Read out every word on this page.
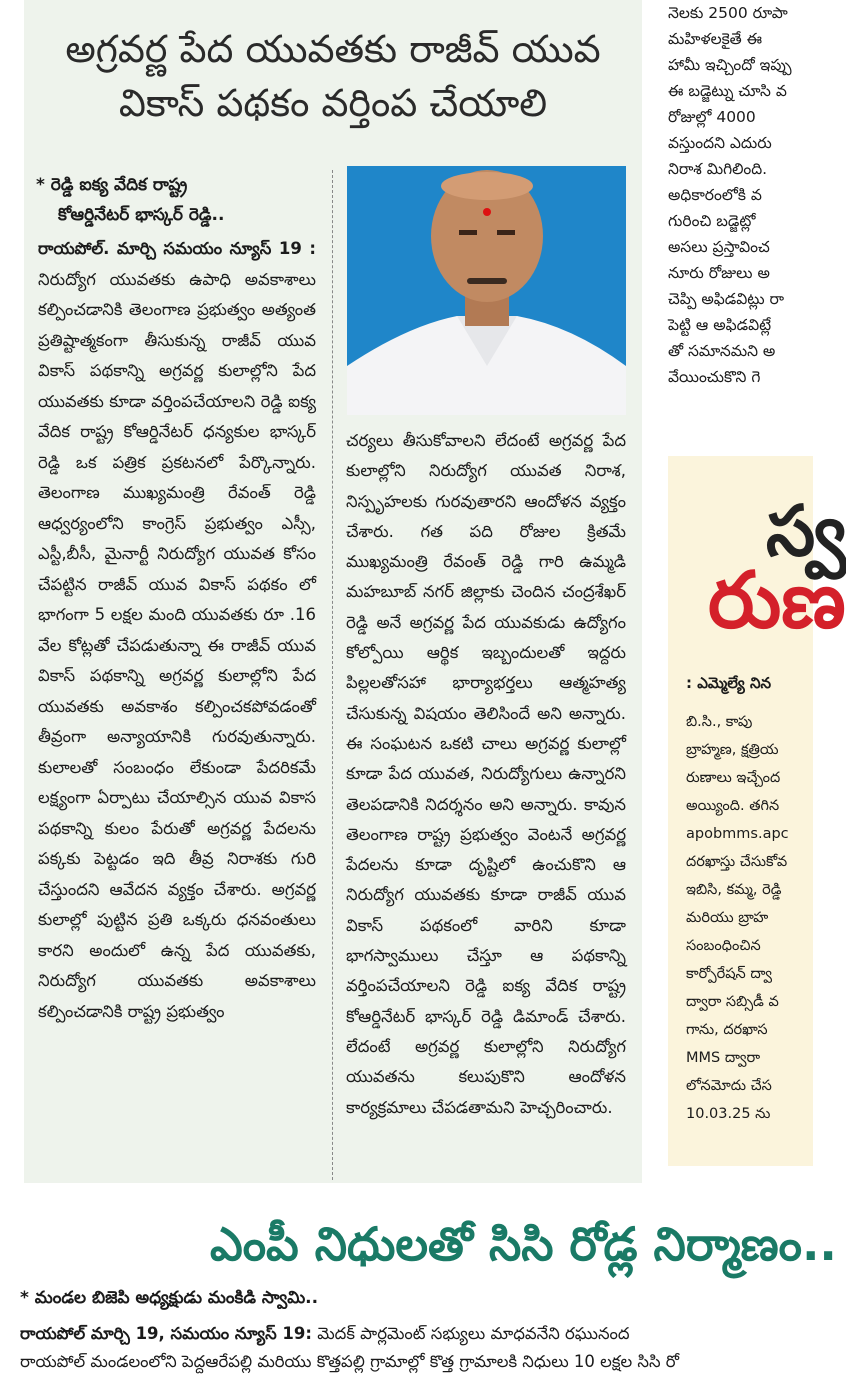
అగ్రవర్ణ పేద యువతకు రాజీవ్ యువ
వికాస్ పథకం వర్తింప చేయాలి
* రెడ్డి ఐక్య వేదిక రాష్ట్ర
కోఆర్డినేటర్ భాస్కర్ రెడ్డి..

రాయపోల్. మార్చి సమయం న్యూస్ 19 : నిరుద్యోగ యువతకు ఉపాధి అవకాశాలు కల్పించడానికి తెలంగాణ ప్రభుత్వం అత్యంత ప్రతిష్టాత్మకంగా తీసుకున్న రాజీవ్ యువ వికాస్ పథకాన్ని అగ్రవర్ణ కులాల్లోని పేద యువతకు కూడా వర్తింపచేయాలని రెడ్డి ఐక్య వేదిక రాష్ట్ర కోఆర్డినేటర్ ధన్యకుల భాస్కర్ రెడ్డి ఒక పత్రిక ప్రకటనలో పేర్కొన్నారు. తెలంగాణ ముఖ్యమంత్రి రేవంత్ రెడ్డి ఆధ్వర్యంలోని కాంగ్రెస్ ప్రభుత్వం ఎస్సీ, ఎస్టీ,బీసీ, మైనార్టీ నిరుద్యోగ యువత కోసం చేపట్టిన రాజీవ్ యువ వికాస్ పథకం లో భాగంగా 5 లక్షల మంది యువతకు రూ .16 వేల కోట్లతో చేపడుతున్నా ఈ రాజీవ్ యువ వికాస్ పథకాన్ని అగ్రవర్ణ కులాల్లోని పేద యువతకు అవకాశం కల్పించకపోవడంతో తీవ్రంగా అన్యాయానికి గురవుతున్నారు. కులాలతో సంబంధం లేకుండా పేదరికమే లక్ష్యంగా ఏర్పాటు చేయాల్సిన యువ వికాస పథకాన్ని కులం పేరుతో అగ్రవర్ణ పేదలను పక్కకు పెట్టడం ఇది తీవ్ర నిరాశకు గురి చేస్తుందని ఆవేదన వ్యక్తం చేశారు. అగ్రవర్ణ కులాల్లో పుట్టిన ప్రతి ఒక్కరు ధనవంతులు కారని అందులో ఉన్న పేద యువతకు, నిరుద్యోగ యువతకు అవకాశాలు కల్పించడానికి రాష్ట్ర ప్రభుత్వం

చర్యలు తీసుకోవాలని లేదంటే అగ్రవర్ణ పేద కులాల్లోని నిరుద్యోగ యువత నిరాశ, నిస్పృహలకు గురవుతారని ఆందోళన వ్యక్తం చేశారు. గత పది రోజుల క్రితమే ముఖ్యమంత్రి రేవంత్ రెడ్డి గారి ఉమ్మడి మహబూబ్ నగర్ జిల్లాకు చెందిన చంద్రశేఖర్ రెడ్డి అనే అగ్రవర్ణ పేద యువకుడు ఉద్యోగం కోల్పోయి ఆర్థిక ఇబ్బందులతో ఇద్దరు పిల్లలతోసహా భార్యాభర్తలు ఆత్మహత్య చేసుకున్న విషయం తెలిసిందే అని అన్నారు. ఈ సంఘటన ఒకటి చాలు అగ్రవర్ణ కులాల్లో కూడా పేద యువత, నిరుద్యోగులు ఉన్నారని తెలపడానికి నిదర్శనం అని అన్నారు. కావున తెలంగాణ రాష్ట్ర ప్రభుత్వం వెంటనే అగ్రవర్ణ పేదలను కూడా దృష్టిలో ఉంచుకొని ఆ నిరుద్యోగ యువతకు కూడా రాజీవ్ యువ వికాస్ పథకంలో వారిని కూడా భాగస్వాములు చేస్తూ ఆ పథకాన్ని వర్తింపచేయాలని రెడ్డి ఐక్య వేదిక రాష్ట్ర కోఆర్డినేటర్ భాస్కర్ రెడ్డి డిమాండ్ చేశారు. లేదంటే అగ్రవర్ణ కులాల్లోని నిరుద్యోగ యువతను కలుపుకొని ఆందోళన కార్యక్రమాలు చేపడతామని హెచ్చరించారు.

నెలకు 2500 రూపా
మహిళలకైతే ఈ
హామీ ఇచ్చిందో ఇప్పు
ఈ బడ్జెట్ను చూసి వ
రోజుల్లో 4000
వస్తుందని ఎదురు
నిరాశ మిగిలింది.
అధికారంలోకి వ
గురించి బడ్జెట్లో
అసలు ప్రస్తావించ
నూరు రోజులు అ
చెప్పి అఫిడవిట్లు రా
పెట్టి ఆ అఫిడవిట్లే
తో సమానమని అ
వేయించుకొని గె
స్వ
రుణ
: ఎమ్మెల్యే నిన
బి.సి., కాపు
బ్రాహ్మణ, క్షత్రియ
రుణాలు ఇచ్చేంద
అయ్యింది. తగిన
apobmms.apc
దరఖాస్తు చేసుకోవ
ఇబిసి, కమ్మ, రెడ్డి
మరియు బ్రాహ
సంబంధించిన
కార్పోరేషన్ ద్వా
ద్వారా సబ్సిడీ వ
గాను, దరఖాస
MMS ద్వారా
లోనమోదు చేస
10.03.25 ను
ఎంపీ నిధులతో సిసి రోడ్ల నిర్మాణం..
* మండల బిజెపి అధ్యక్షుడు మంకిడి స్వామి..
రాయపోల్ మార్చి 19, సమయం న్యూస్ 19: మెదక్ పార్లమెంట్ సభ్యులు మాధవనేని రఘునంద
రాయపోల్ మండలంలోని పెద్దఆరేపల్లి మరియు కొత్తపల్లి గ్రామాల్లో కొత్త గ్రామాలకి నిధులు 10 లక్షల సిసి రో
